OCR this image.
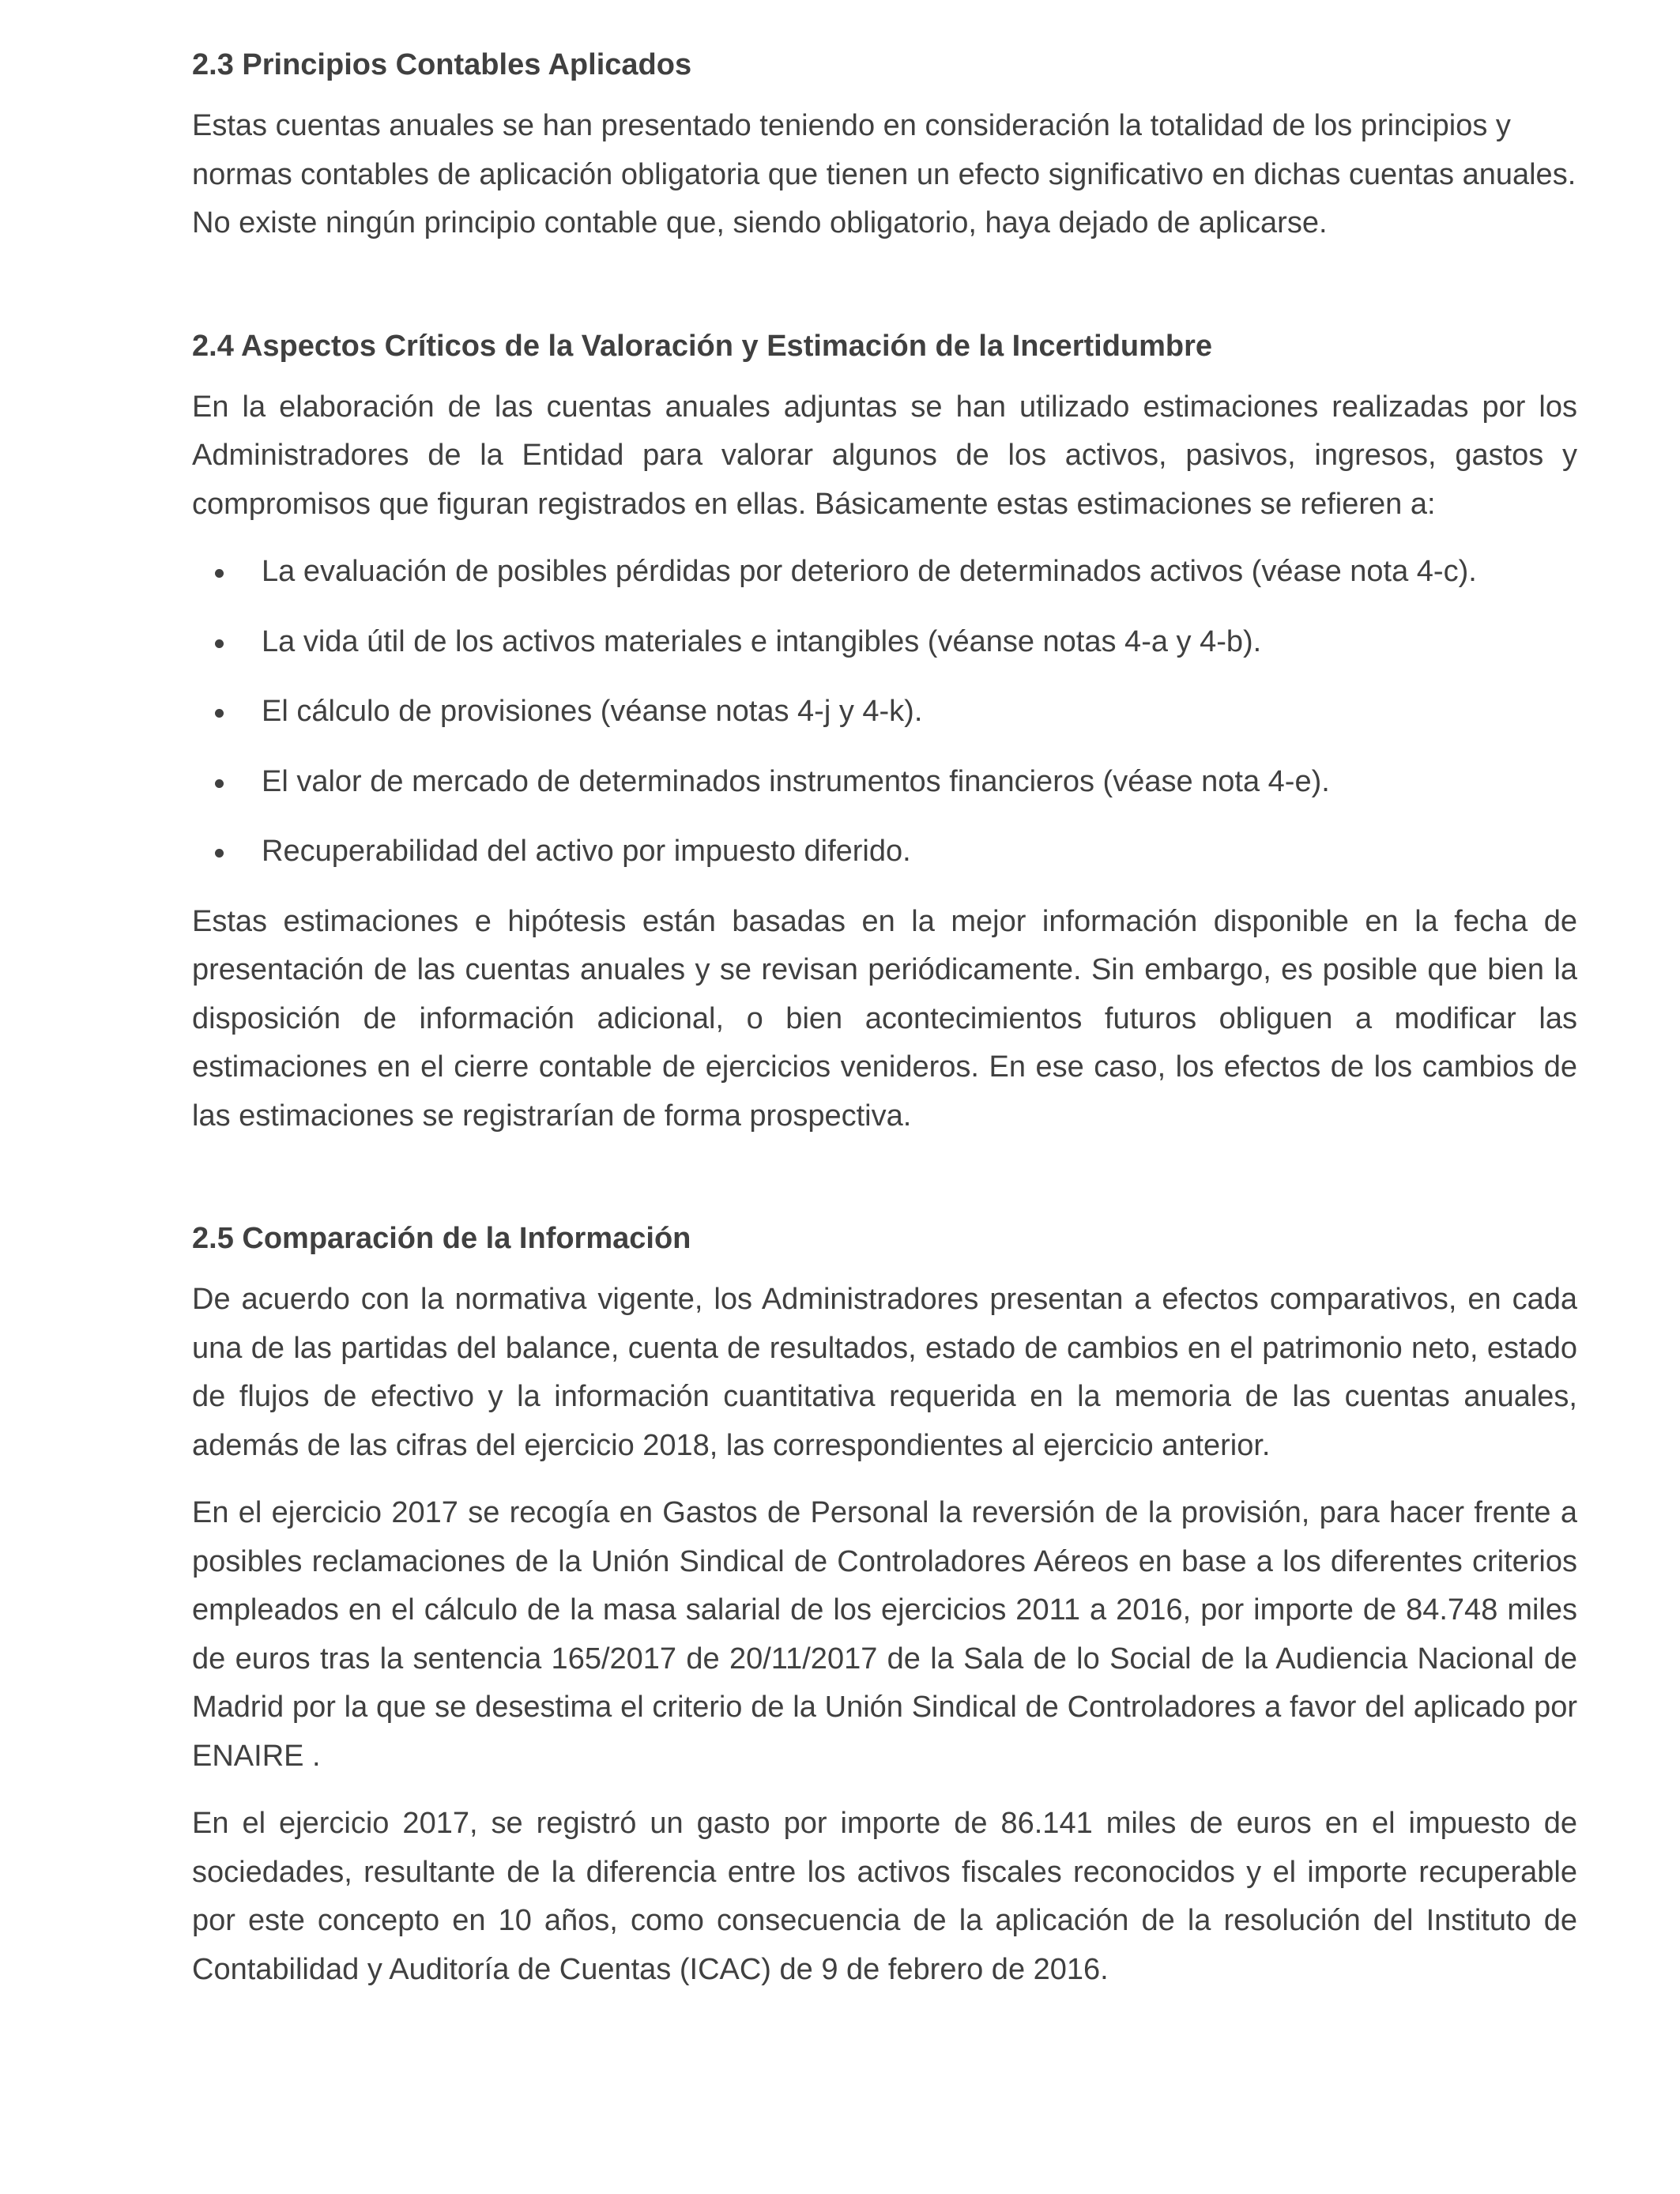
2.3 Principios Contables Aplicados

Estas cuentas anuales se han presentado teniendo en consideración la totalidad de los principios y normas contables de aplicación obligatoria que tienen un efecto significativo en dichas cuentas anuales. No existe ningún principio contable que, siendo obligatorio, haya dejado de aplicarse.

2.4 Aspectos Críticos de la Valoración y Estimación de la Incertidumbre

En la elaboración de las cuentas anuales adjuntas se han utilizado estimaciones realizadas por los Administradores de la Entidad para valorar algunos de los activos, pasivos, ingresos, gastos y compromisos que figuran registrados en ellas. Básicamente estas estimaciones se refieren a:

La evaluación de posibles pérdidas por deterioro de determinados activos (véase nota 4-c).
La vida útil de los activos materiales e intangibles (véanse notas 4-a y 4-b).
El cálculo de provisiones (véanse notas 4-j y 4-k).
El valor de mercado de determinados instrumentos financieros (véase nota 4-e).
Recuperabilidad del activo por impuesto diferido.

Estas estimaciones e hipótesis están basadas en la mejor información disponible en la fecha de presentación de las cuentas anuales y se revisan periódicamente. Sin embargo, es posible que bien la disposición de información adicional, o bien acontecimientos futuros obliguen a modificar las estimaciones en el cierre contable de ejercicios venideros. En ese caso, los efectos de los cambios de las estimaciones se registrarían de forma prospectiva.

2.5 Comparación de la Información

De acuerdo con la normativa vigente, los Administradores presentan a efectos comparativos, en cada una de las partidas del balance, cuenta de resultados, estado de cambios en el patrimonio neto, estado de flujos de efectivo y la información cuantitativa requerida en la memoria de las cuentas anuales, además de las cifras del ejercicio 2018, las correspondientes al ejercicio anterior.

En el ejercicio 2017 se recogía en Gastos de Personal la reversión de la provisión, para hacer frente a posibles reclamaciones de la Unión Sindical de Controladores Aéreos en base a los diferentes criterios empleados en el cálculo de la masa salarial de los ejercicios 2011 a 2016, por importe de 84.748 miles de euros tras la sentencia 165/2017 de 20/11/2017 de la Sala de lo Social de la Audiencia Nacional de Madrid por la que se desestima el criterio de la Unión Sindical de Controladores a favor del aplicado por ENAIRE .

En el ejercicio 2017, se registró un gasto por importe de 86.141 miles de euros en el impuesto de sociedades, resultante de la diferencia entre los activos fiscales reconocidos y el importe recuperable por este concepto en 10 años, como consecuencia de la aplicación de la resolución del Instituto de Contabilidad y Auditoría de Cuentas (ICAC) de 9 de febrero de 2016.
